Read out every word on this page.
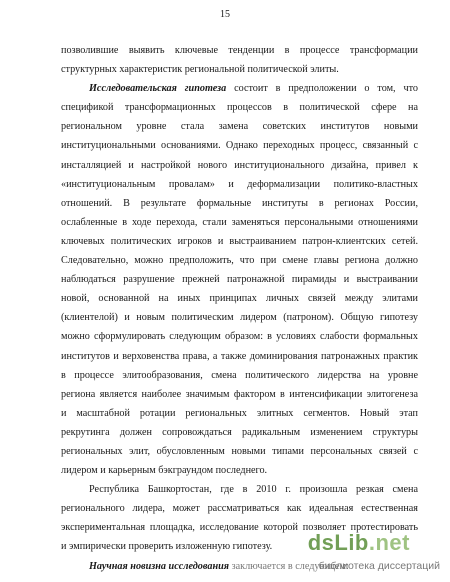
15
позволившие выявить ключевые тенденции в процессе трансформации
структурных характеристик региональной политической элиты.
Исследовательская гипотеза состоит в предположении о том, что
спецификой трансформационных процессов в политической сфере на
региональном уровне стала замена советских институтов новыми
институциональными основаниями. Однако переходных процесс, связанный с
инсталляцией и настройкой нового институционального дизайна, привел к
«институциональным провалам» и деформализации политико-властных
отношений. В результате формальные институты в регионах России,
ослабленные в ходе перехода, стали заменяться персональными отношениями
ключевых политических игроков и выстраиванием патрон-клиентских сетей.
Следовательно, можно предположить, что при смене главы региона должно
наблюдаться разрушение прежней патронажной пирамиды и выстраивании
новой, основанной на иных принципах личных связей между элитами
(клиентелой) и новым политическим лидером (патроном). Общую гипотезу
можно сформулировать следующим образом: в условиях слабости формальных
институтов и верховенства права, а также доминирования патронажных практик
в процессе элитообразования, смена политического лидерства на уровне
региона является наиболее значимым фактором в интенсификации элитогенеза
и масштабной ротации региональных элитных сегментов. Новый этап
рекрутинга должен сопровождаться радикальным изменением структуры
региональных элит, обусловленным новыми типами персональных связей с
лидером и карьерным бэкграундом последнего.
Республика Башкортостан, где в 2010 г. произошла резкая смена
регионального лидера, может рассматриваться как идеальная естественная
экспериментальная площадка, исследование которой позволяет протестировать
и эмпирически проверить изложенную гипотезу.
Научная новизна исследования заключается в следующем:
dsLib.net
библиотека диссертаций
